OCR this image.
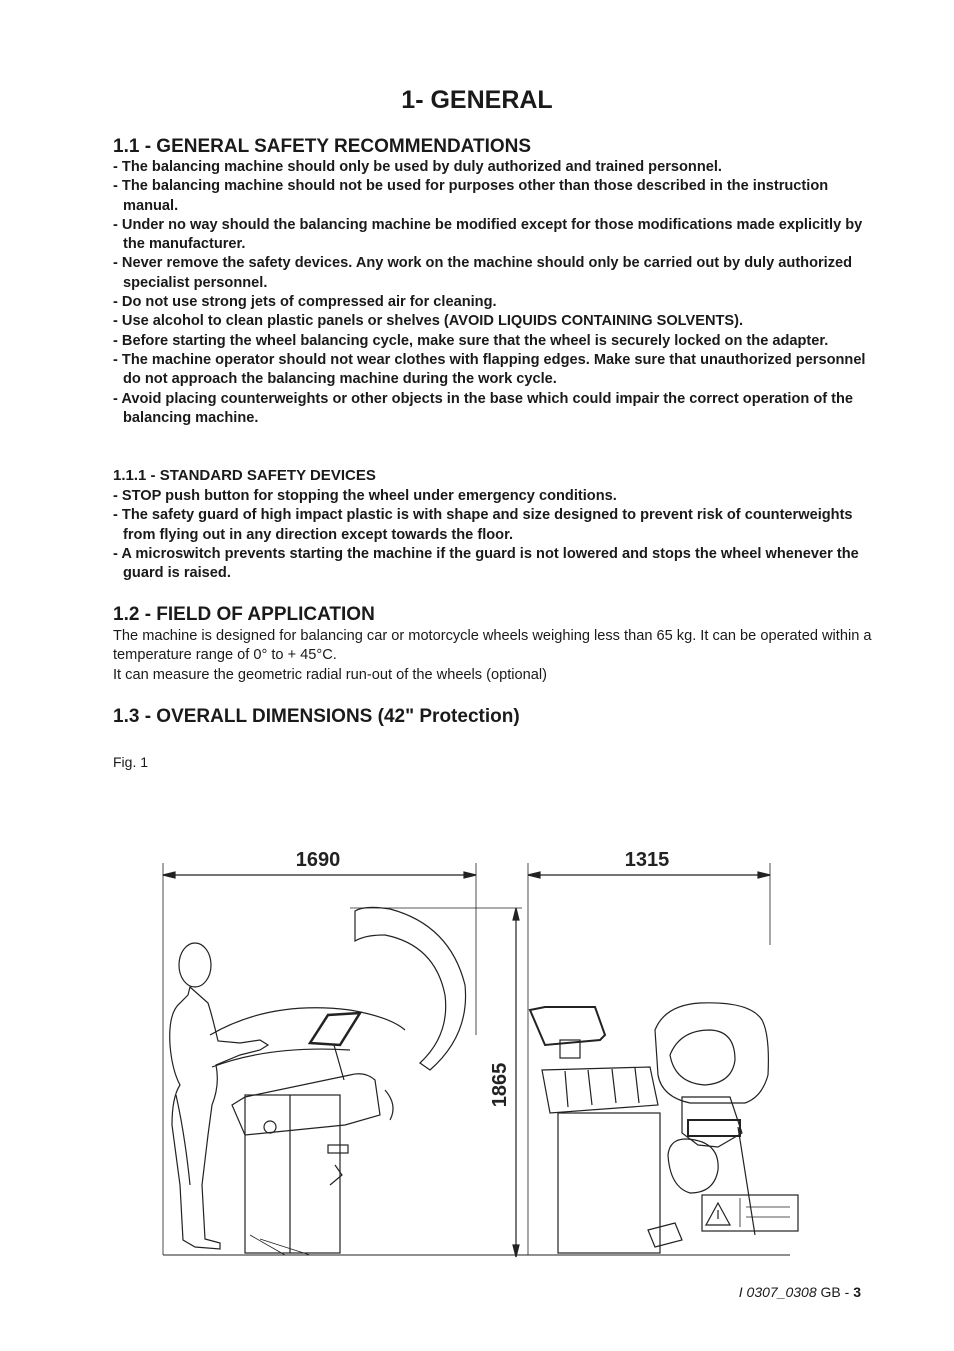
1- GENERAL
1.1 - GENERAL SAFETY RECOMMENDATIONS
- The balancing machine should only be used by duly authorized and trained personnel.
- The balancing machine should not be used for purposes other than those described in the instruction manual.
- Under no way should the balancing machine be modified except for those modifications made explicitly by the manufacturer.
- Never remove the safety devices. Any work on the machine should only be carried out by duly authorized specialist personnel.
- Do not use strong jets of compressed air for cleaning.
- Use alcohol to clean plastic panels or shelves (AVOID LIQUIDS CONTAINING SOLVENTS).
- Before starting the wheel balancing cycle, make sure that the wheel is securely locked on the adapter.
- The machine operator should not wear clothes with flapping edges. Make sure that unauthorized personnel do not approach the balancing machine during the work cycle.
- Avoid placing counterweights or other objects in the base which could impair the correct operation of the balancing machine.
1.1.1 - STANDARD SAFETY DEVICES
- STOP push button for stopping the wheel under emergency conditions.
- The safety guard of high impact plastic is with shape and size designed to prevent risk of counterweights from flying out in any direction except towards the floor.
- A microswitch prevents starting the machine if the guard is not lowered and stops the wheel whenever the guard is raised.
1.2 - FIELD OF APPLICATION
The machine is designed for balancing car or motorcycle wheels weighing less than 65 kg. It can be operated within a temperature range of 0° to + 45°C.
It can measure the geometric radial run-out of the wheels (optional)
1.3 - OVERALL DIMENSIONS (42" Protection)
Fig. 1
1690
1865
1315
I 0307_0308 GB - 3
